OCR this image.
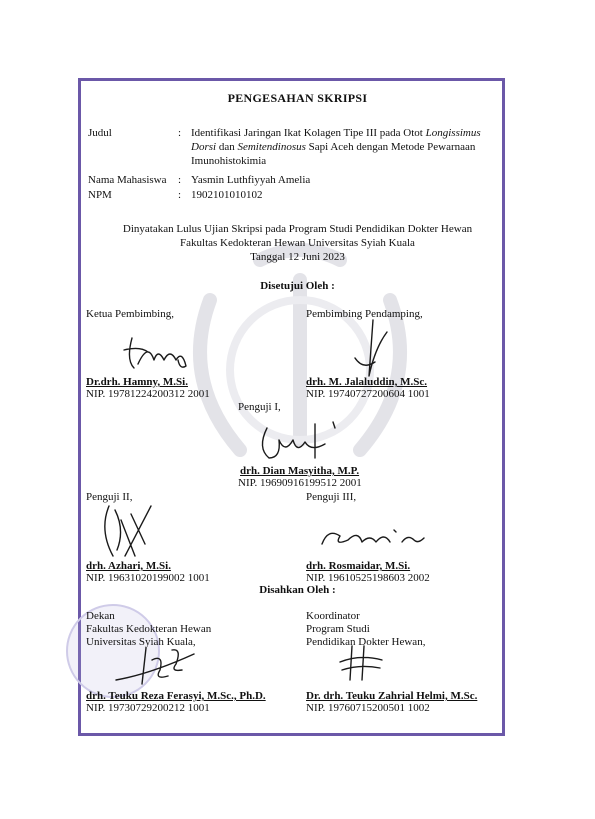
PENGESAHAN SKRIPSI
Judul	: Identifikasi Jaringan Ikat Kolagen Tipe III pada Otot Longissimus
Dorsi dan Semitendinosus Sapi Aceh dengan Metode Pewarnaan
Imunohistokimia
Nama Mahasiswa : Yasmin Luthfiyyah Amelia
NPM	: 1902101010102
Dinyatakan Lulus Ujian Skripsi pada Program Studi Pendidikan Dokter Hewan
Fakultas Kedokteran Hewan Universitas Syiah Kuala
Tanggal 12 Juni 2023
Disetujui Oleh :
Ketua Pembimbing,	Pembimbing Pendamping,
Dr.drh. Hamny, M.Si.
NIP. 19781224200312 2001
drh. M. Jalaluddin, M.Sc.
NIP. 19740727200604 1001
Penguji I,
drh. Dian Masyitha, M.P.
NIP. 19690916199512 2001
Penguji II,	Penguji III,
drh. Azhari, M.Si.
NIP. 19631020199002 1001
drh. Rosmaidar, M.Si.
NIP. 19610525198603 2002
Disahkan Oleh :
Dekan
Fakultas Kedokteran Hewan
Universitas Syiah Kuala,
Koordinator
Program Studi
Pendidikan Dokter Hewan,
drh. Teuku Reza Ferasyi, M.Sc., Ph.D.
NIP. 19730729200212 1001
Dr. drh. Teuku Zahrial Helmi, M.Sc.
NIP. 19760715200501 1002
